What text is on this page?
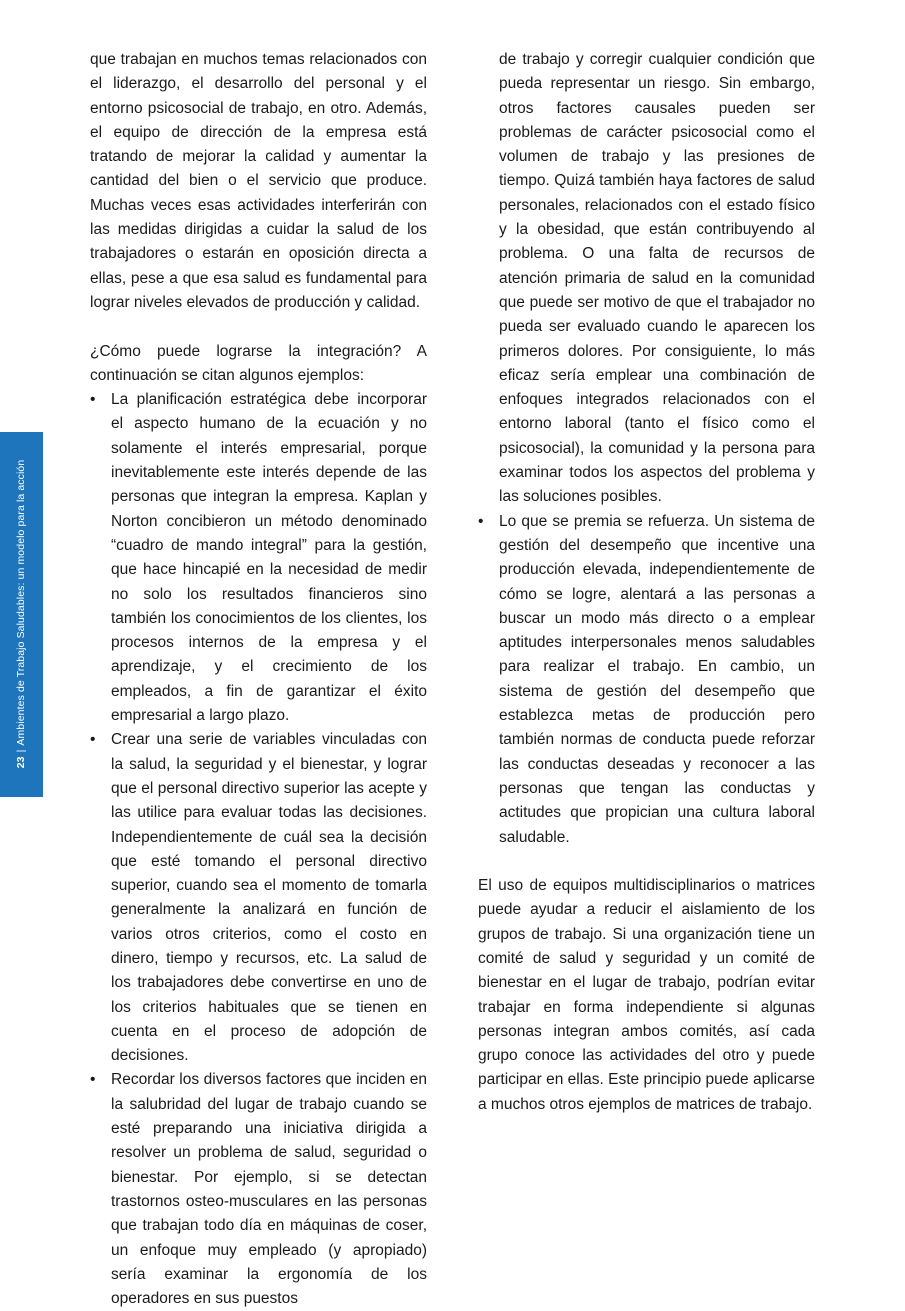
23|Ambientes de Trabajo Saludables: un modelo para la acción

que trabajan en muchos temas relacionados con el liderazgo, el desarrollo del personal y el entorno psicosocial de trabajo, en otro. Además, el equipo de dirección de la empresa está tratando de mejorar la calidad y aumentar la cantidad del bien o el servicio que produce. Muchas veces esas actividades interferirán con las medidas dirigidas a cuidar la salud de los trabajadores o estarán en oposición directa a ellas, pese a que esa salud es fundamental para lograr niveles elevados de producción y calidad.

¿Cómo puede lograrse la integración? A continuación se citan algunos ejemplos:

• La planificación estratégica debe incorporar el aspecto humano de la ecuación y no solamente el interés empresarial, porque inevitablemente este interés depende de las personas que integran la empresa. Kaplan y Norton concibieron un método denominado “cuadro de mando integral” para la gestión, que hace hincapié en la necesidad de medir no solo los resultados financieros sino también los conocimientos de los clientes, los procesos internos de la empresa y el aprendizaje, y el crecimiento de los empleados, a fin de garantizar el éxito empresarial a largo plazo.
• Crear una serie de variables vinculadas con la salud, la seguridad y el bienestar, y lograr que el personal directivo superior las acepte y las utilice para evaluar todas las decisiones. Independientemente de cuál sea la decisión que esté tomando el personal directivo superior, cuando sea el momento de tomarla generalmente la analizará en función de varios otros criterios, como el costo en dinero, tiempo y recursos, etc. La salud de los trabajadores debe convertirse en uno de los criterios habituales que se tienen en cuenta en el proceso de adopción de decisiones.
• Recordar los diversos factores que inciden en la salubridad del lugar de trabajo cuando se esté preparando una iniciativa dirigida a resolver un problema de salud, seguridad o bienestar. Por ejemplo, si se detectan trastornos osteo-musculares en las personas que trabajan todo día en máquinas de coser, un enfoque muy empleado (y apropiado) sería examinar la ergonomía de los operadores en sus puestos
de trabajo y corregir cualquier condición que pueda representar un riesgo. Sin embargo, otros factores causales pueden ser problemas de carácter psicosocial como el volumen de trabajo y las presiones de tiempo. Quizá también haya factores de salud personales, relacionados con el estado físico y la obesidad, que están contribuyendo al problema. O una falta de recursos de atención primaria de salud en la comunidad que puede ser motivo de que el trabajador no pueda ser evaluado cuando le aparecen los primeros dolores. Por consiguiente, lo más eficaz sería emplear una combinación de enfoques integrados relacionados con el entorno laboral (tanto el físico como el psicosocial), la comunidad y la persona para examinar todos los aspectos del problema y las soluciones posibles.
• Lo que se premia se refuerza. Un sistema de gestión del desempeño que incentive una producción elevada, independientemente de cómo se logre, alentará a las personas a buscar un modo más directo o a emplear aptitudes interpersonales menos saludables para realizar el trabajo. En cambio, un sistema de gestión del desempeño que establezca metas de producción pero también normas de conducta puede reforzar las conductas deseadas y reconocer a las personas que tengan las conductas y actitudes que propician una cultura laboral saludable.

El uso de equipos multidisciplinarios o matrices puede ayudar a reducir el aislamiento de los grupos de trabajo. Si una organización tiene un comité de salud y seguridad y un comité de bienestar en el lugar de trabajo, podrían evitar trabajar en forma independiente si algunas personas integran ambos comités, así cada grupo conoce las actividades del otro y puede participar en ellas. Este principio puede aplicarse a muchos otros ejemplos de matrices de trabajo.
